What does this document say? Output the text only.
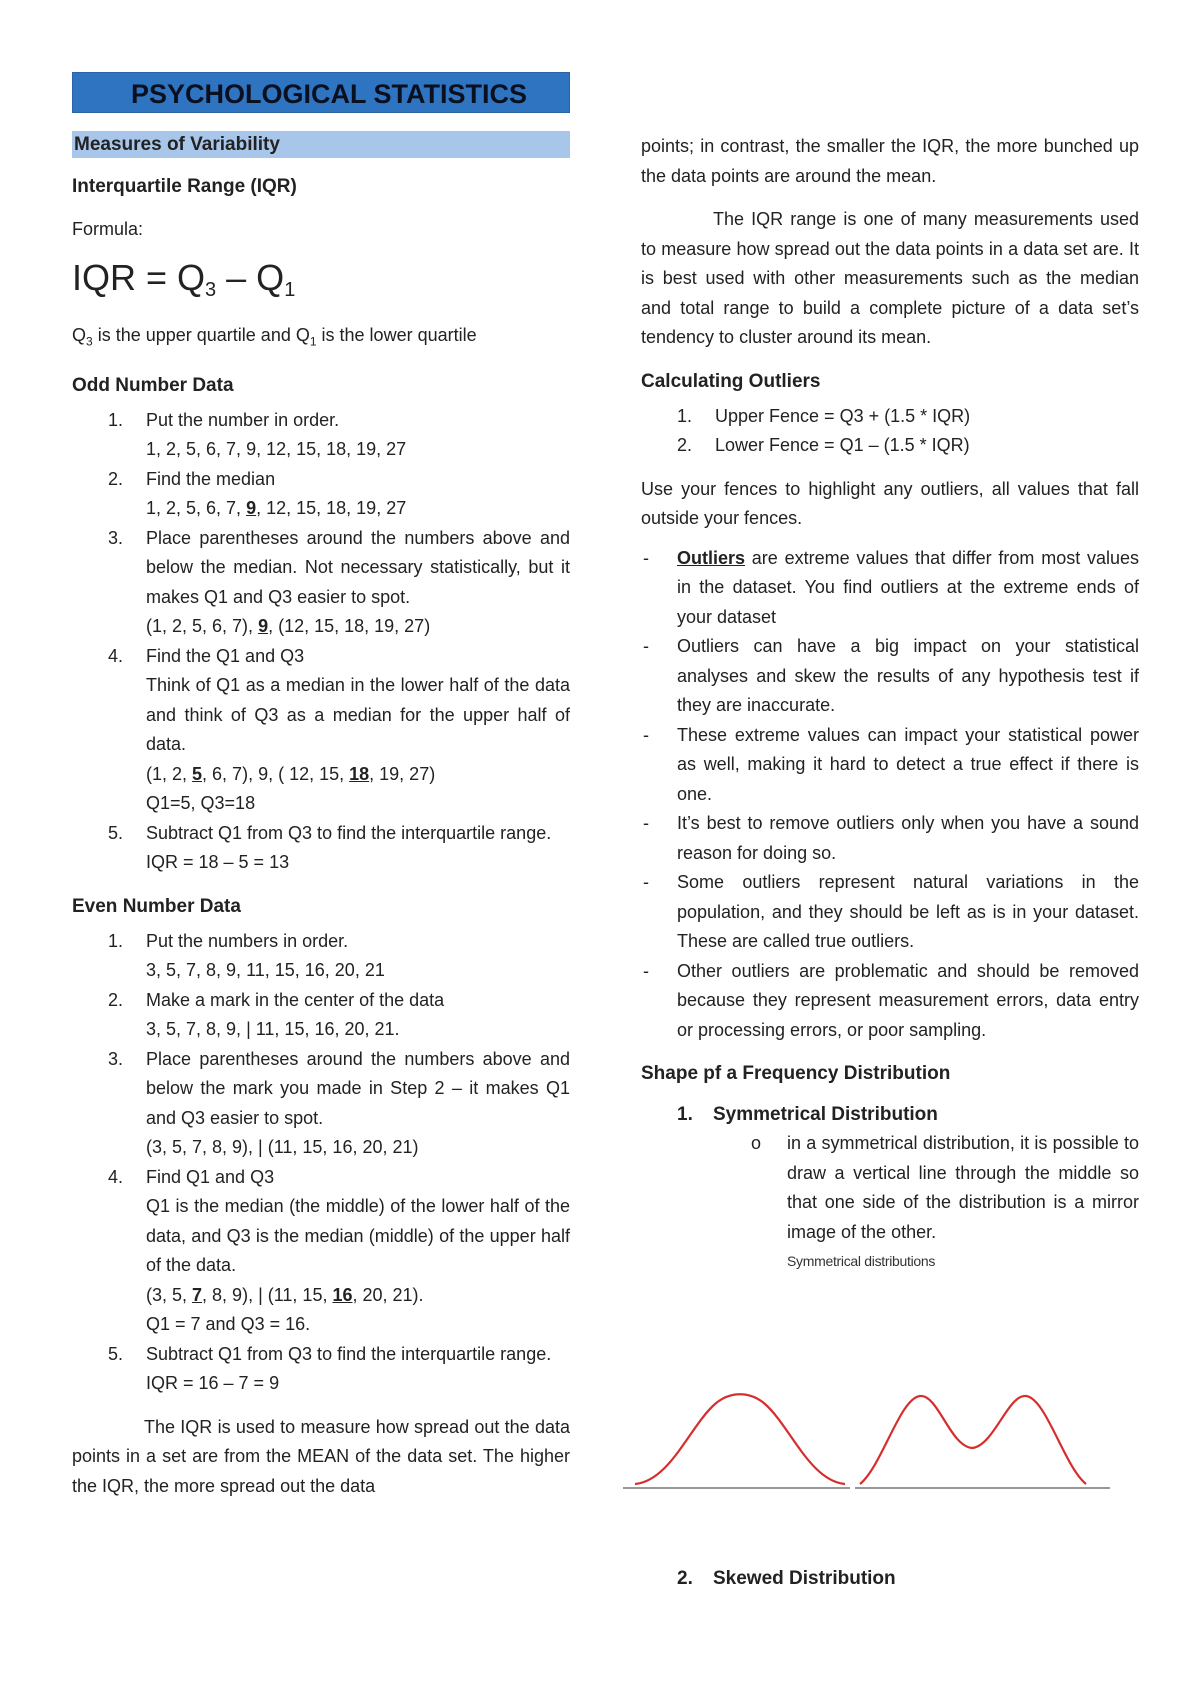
PSYCHOLOGICAL STATISTICS
Measures of Variability

Interquartile Range (IQR)

Formula:

IQR = $Q_3 - Q_1$

$Q_3$ is the upper quartile and $Q_1$ is the lower quartile

Odd Number Data

1. Put the number in order.
1, 2, 5, 6, 7, 9, 12, 15, 18, 19, 27
2. Find the median
1, 2, 5, 6, 7, 9, 12, 15, 18, 19, 27
3. Place parentheses around the numbers above and below the median. Not necessary statistically, but it makes Q1 and Q3 easier to spot.
(1, 2, 5, 6, 7), 9, (12, 15, 18, 19, 27)
4. Find the Q1 and Q3
Think of Q1 as a median in the lower half of the data and think of Q3 as a median for the upper half of data.
(1, 2, 5, 6, 7), 9, ( 12, 15, 18, 19, 27)
Q1=5, Q3=18
5. Subtract Q1 from Q3 to find the interquartile range.
IQR = 18 – 5 = 13

Even Number Data

1. Put the numbers in order.
3, 5, 7, 8, 9, 11, 15, 16, 20, 21
2. Make a mark in the center of the data
3, 5, 7, 8, 9, | 11, 15, 16, 20, 21.
3. Place parentheses around the numbers above and below the mark you made in Step 2 – it makes Q1 and Q3 easier to spot.
(3, 5, 7, 8, 9), | (11, 15, 16, 20, 21)
4. Find Q1 and Q3
Q1 is the median (the middle) of the lower half of the data, and Q3 is the median (middle) of the upper half of the data.
(3, 5, 7, 8, 9), | (11, 15, 16, 20, 21).
Q1 = 7 and Q3 = 16.
5. Subtract Q1 from Q3 to find the interquartile range.
IQR = 16 – 7 = 9

The IQR is used to measure how spread out the data points in a set are from the MEAN of the data set. The higher the IQR, the more spread out the data

points; in contrast, the smaller the IQR, the more bunched up the data points are around the mean.

The IQR range is one of many measurements used to measure how spread out the data points in a data set are. It is best used with other measurements such as the median and total range to build a complete picture of a data set’s tendency to cluster around its mean.

Calculating Outliers

1. Upper Fence = Q3 + (1.5 * IQR)
2. Lower Fence = Q1 – (1.5 * IQR)

Use your fences to highlight any outliers, all values that fall outside your fences.

- Outliers are extreme values that differ from most values in the dataset. You find outliers at the extreme ends of your dataset
- Outliers can have a big impact on your statistical analyses and skew the results of any hypothesis test if they are inaccurate.
- These extreme values can impact your statistical power as well, making it hard to detect a true effect if there is one.
- It’s best to remove outliers only when you have a sound reason for doing so.
- Some outliers represent natural variations in the population, and they should be left as is in your dataset. These are called true outliers.
- Other outliers are problematic and should be removed because they represent measurement errors, data entry or processing errors, or poor sampling.

Shape pf a Frequency Distribution

1. Symmetrical Distribution

o in a symmetrical distribution, it is possible to draw a vertical line through the middle so that one side of the distribution is a mirror image of the other.

Symmetrical distributions
2. Skewed Distribution
